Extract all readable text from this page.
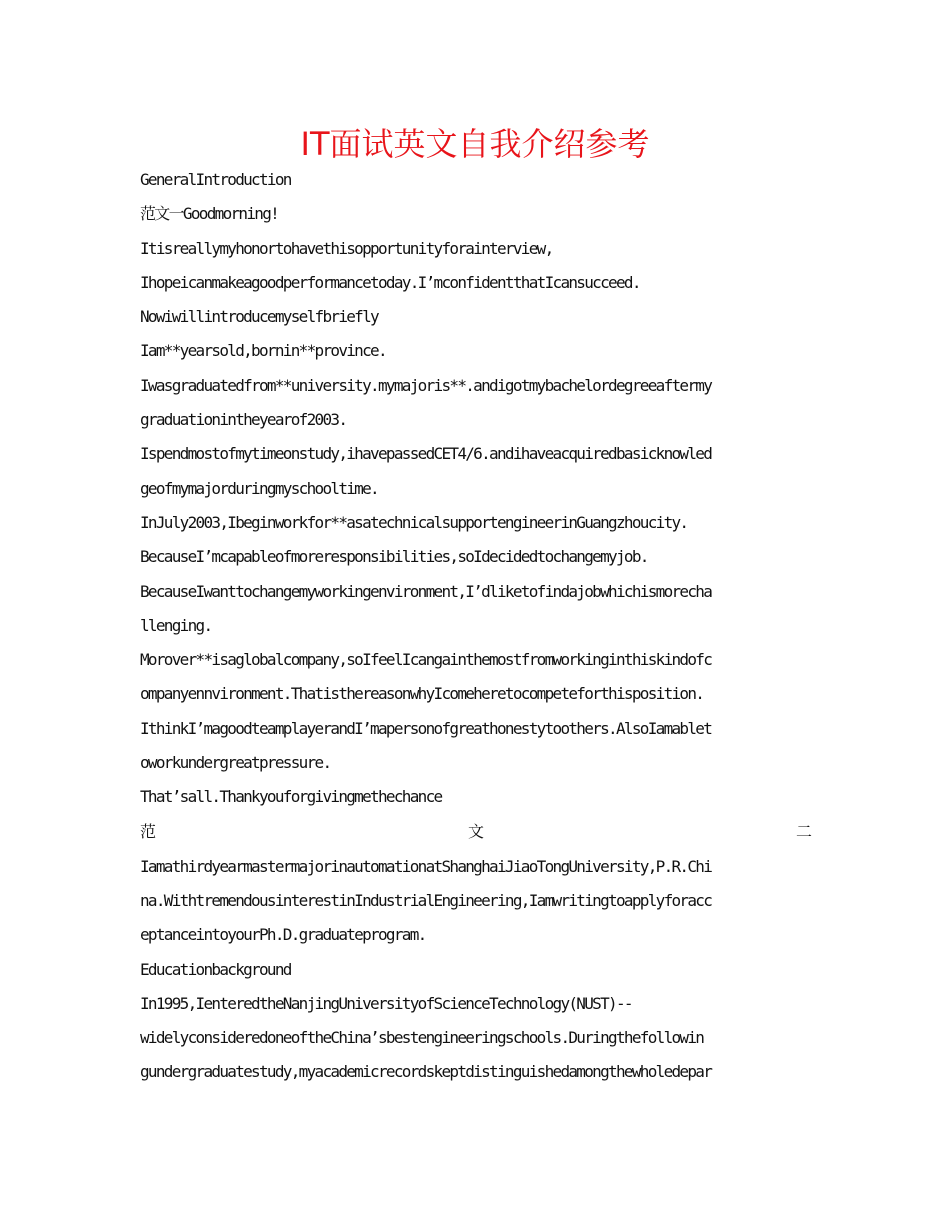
IT面试英文自我介绍参考
GeneralIntroduction
范文一Goodmorning!
Itisreallymyhonortohavethisopportunityforainterview,
Ihopeicanmakeagoodperformancetoday.I’mconfidentthatIcansucceed.
Nowiwillintroducemyselfbriefly
Iam**yearsold,bornin**province.
Iwasgraduatedfrom**university.mymajoris**.andigotmybachelordegreeaftermy
graduationintheyearof2003.
Ispendmostofmytimeonstudy,ihavepassedCET4/6.andihaveacquiredbasicknowled
geofmymajorduringmyschooltime.
InJuly2003,Ibeginworkfor**asatechnicalsupportengineerinGuangzhoucity.
BecauseI’mcapableofmoreresponsibilities,soIdecidedtochangemyjob.
BecauseIwanttochangemyworkingenvironment,I’dliketofindajobwhichismorecha
llenging.
Morover**isaglobalcompany,soIfeelIcangainthemostfromworkinginthiskindofc
ompanyennvironment.ThatisthereasonwhyIcomeheretocompeteforthisposition.
IthinkI’magoodteamplayerandI’mapersonofgreathonestytoothers.AlsoIamablet
oworkundergreatpressure.
That’sall.Thankyouforgivingmethechance
范	文	二
IamathirdyearmastermajorinautomationatShanghaiJiaoTongUniversity,P.R.Chi
na.WithtremendousinterestinIndustrialEngineering,Iamwritingtoapplyforacc
eptanceintoyourPh.D.graduateprogram.
Educationbackground
In1995,IenteredtheNanjingUniversityofScienceTechnology(NUST)--
widelyconsideredoneoftheChina’sbestengineeringschools.Duringthefollowin
gundergraduatestudy,myacademicrecordskeptdistinguishedamongthewholedepar
